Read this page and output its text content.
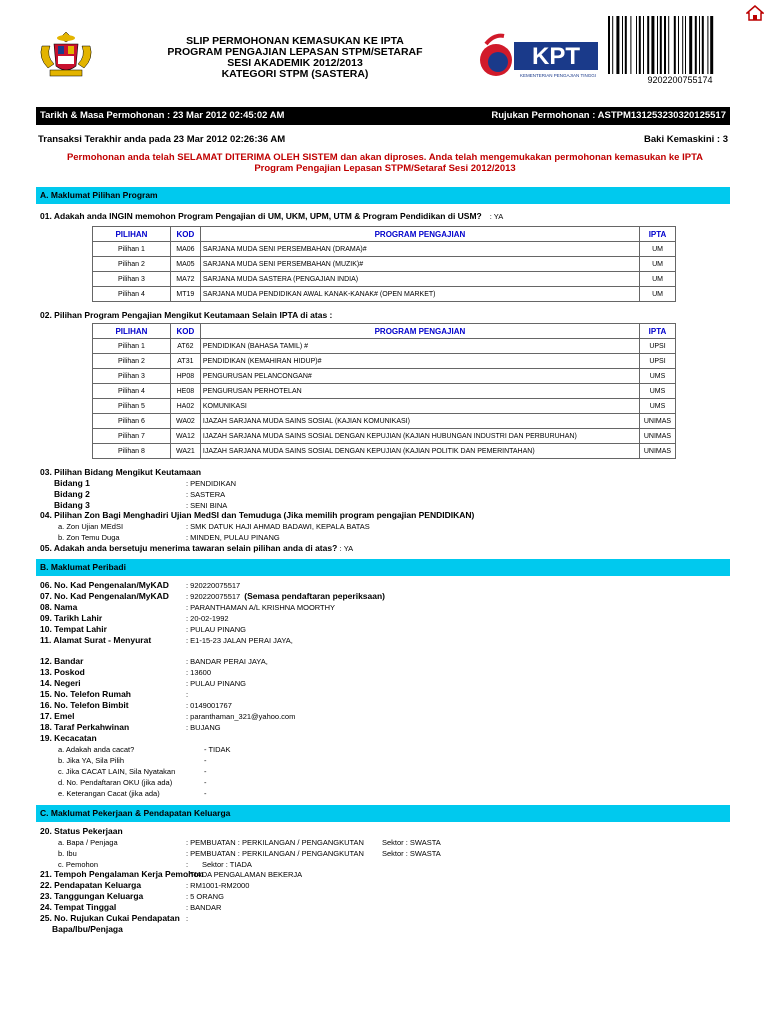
SLIP PERMOHONAN KEMASUKAN KE IPTA
PROGRAM PENGAJIAN LEPASAN STPM/SETARAF
SESI AKADEMIK 2012/2013
KATEGORI STPM (SASTERA)
KPT
KEMENTERIAN PENGAJIAN TINGGI	9202200755174
Tarikh & Masa Permohonan : 23 Mar 2012 02:45:02 AM	Rujukan Permohonan : ASTPM131253230320125517
Transaksi Terakhir anda pada 23 Mar 2012 02:26:36 AM	Baki Kemaskini : 3
Permohonan anda telah SELAMAT DITERIMA OLEH SISTEM dan akan diproses. Anda telah mengemukakan permohonan kemasukan ke IPTA
Program Pengajian Lepasan STPM/Setaraf Sesi 2012/2013
A. Maklumat Pilihan Program
01. Adakah anda INGIN memohon Program Pengajian di UM, UKM, UPM, UTM & Program Pendidikan di USM? : YA
PILIHAN	KOD	PROGRAM PENGAJIAN	IPTA
Pilihan 1	MA06	SARJANA MUDA SENI PERSEMBAHAN (DRAMA)#	UM
Pilihan 2	MA05	SARJANA MUDA SENI PERSEMBAHAN (MUZIK)#	UM
Pilihan 3	MA72	SARJANA MUDA SASTERA (PENGAJIAN INDIA)	UM
Pilihan 4	MT19	SARJANA MUDA PENDIDIKAN AWAL KANAK-KANAK# (OPEN MARKET)	UM
02. Pilihan Program Pengajian Mengikut Keutamaan Selain IPTA di atas :
PILIHAN	KOD	PROGRAM PENGAJIAN	IPTA
Pilihan 1	AT62	PENDIDIKAN (BAHASA TAMIL) #	UPSI
Pilihan 2	AT31	PENDIDIKAN (KEMAHIRAN HIDUP)#	UPSI
Pilihan 3	HP08	PENGURUSAN PELANCONGAN#	UMS
Pilihan 4	HE08	PENGURUSAN PERHOTELAN	UMS
Pilihan 5	HA02	KOMUNIKASI	UMS
Pilihan 6	WA02	IJAZAH SARJANA MUDA SAINS SOSIAL (KAJIAN KOMUNIKASI)	UNIMAS
Pilihan 7	WA12	IJAZAH SARJANA MUDA SAINS SOSIAL DENGAN KEPUJIAN (KAJIAN HUBUNGAN INDUSTRI DAN PERBURUHAN)	UNIMAS
Pilihan 8	WA21	IJAZAH SARJANA MUDA SAINS SOSIAL DENGAN KEPUJIAN (KAJIAN POLITIK DAN PEMERINTAHAN)	UNIMAS
03. Pilihan Bidang Mengikut Keutamaan
Bidang 1	: PENDIDIKAN
Bidang 2	: SASTERA
Bidang 3	: SENI BINA
04. Pilihan Zon Bagi Menghadiri Ujian MedSI dan Temuduga (Jika memilih program pengajian PENDIDIKAN)
a. Zon Ujian MEdSI	: SMK DATUK HAJI AHMAD BADAWI, KEPALA BATAS
b. Zon Temu Duga	: MINDEN, PULAU PINANG
05. Adakah anda bersetuju menerima tawaran selain pilihan anda di atas? : YA
B. Maklumat Peribadi
06. No. Kad Pengenalan/MyKAD : 920220075517
07. No. Kad Pengenalan/MyKAD : 920220075517 (Semasa pendaftaran peperiksaan)
08. Nama	: PARANTHAMAN A/L KRISHNA MOORTHY
09. Tarikh Lahir	: 20-02-1992
10. Tempat Lahir	: PULAU PINANG
11. Alamat Surat - Menyurat	: E1-15-23 JALAN PERAI JAYA,
12. Bandar	: BANDAR PERAI JAYA,
13. Poskod	: 13600
14. Negeri	: PULAU PINANG
15. No. Telefon Rumah	:
16. No. Telefon Bimbit	: 0149001767
17. Emel	: paranthaman_321@yahoo.com
18. Taraf Perkahwinan	: BUJANG
19. Kecacatan
a. Adakah anda cacat?	- TIDAK
b. Jika YA, Sila Pilih	-
c. Jika CACAT LAIN, Sila Nyatakan	-
d. No. Pendaftaran OKU (jika ada)	-
e. Keterangan Cacat (jika ada)	-
C. Maklumat Pekerjaan & Pendapatan Keluarga
20. Status Pekerjaan
a. Bapa / Penjaga	: PEMBUATAN : PERKILANGAN / PENGANGKUTAN Sektor : SWASTA
b. Ibu	: PEMBUATAN : PERKILANGAN / PENGANGKUTAN Sektor : SWASTA
c. Pemohon	: Sektor : TIADA
21. Tempoh Pengalaman Kerja Pemohon
: TIADA PENGALAMAN BEKERJA
22. Pendapatan Keluarga	: RM1001-RM2000
23. Tanggungan Keluarga	: 5 ORANG
24. Tempat Tinggal	: BANDAR
25. No. Rujukan Cukai Pendapatan :
Bapa/Ibu/Penjaga
